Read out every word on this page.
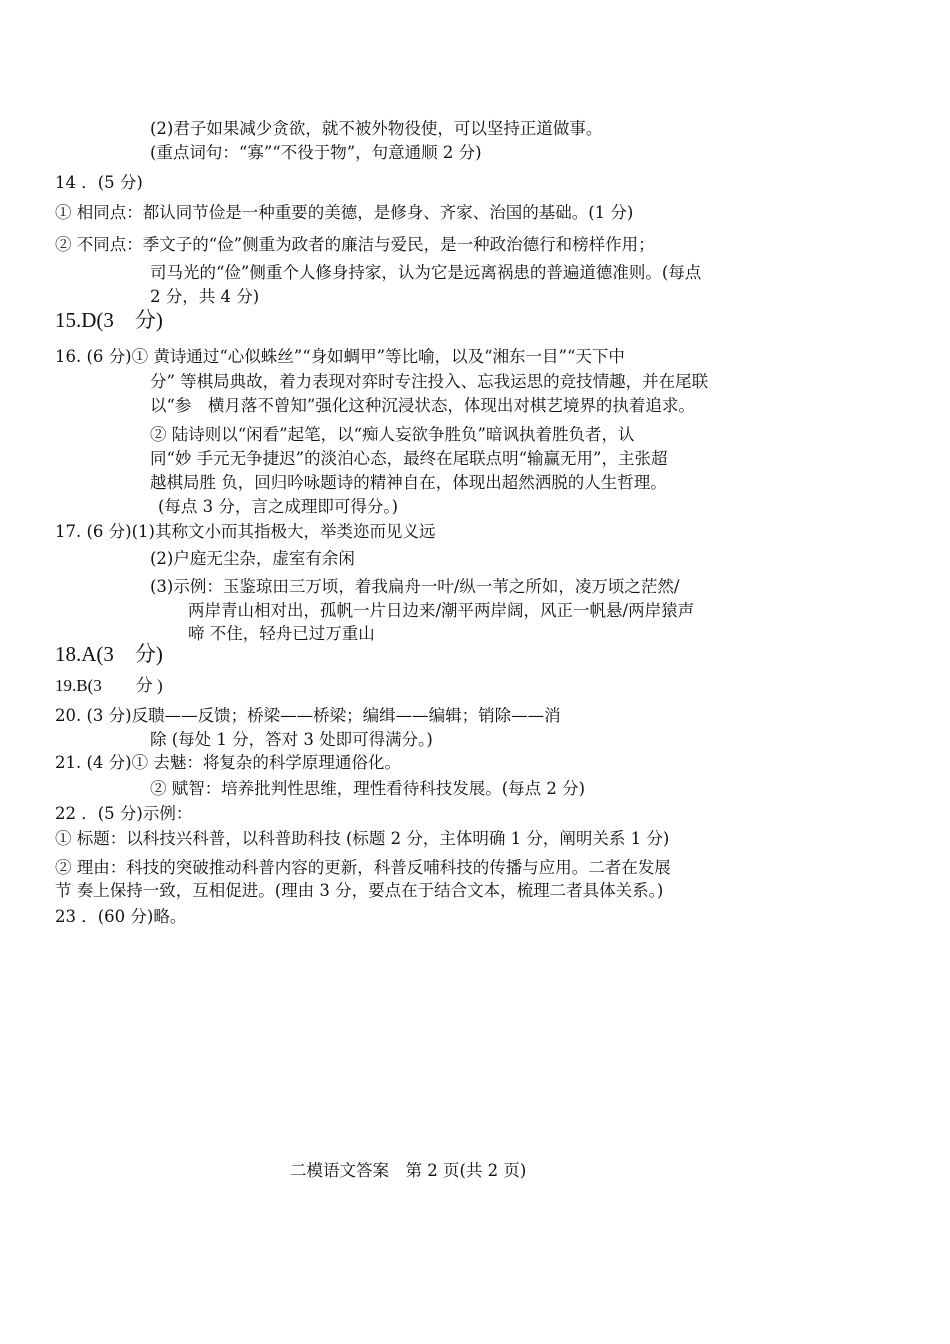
(2)君子如果减少贪欲，就不被外物役使，可以坚持正道做事。
(重点词句：“寡”“不役于物”，句意通顺 2 分)
14 ．(5 分)
① 相同点：都认同节俭是一种重要的美德，是修身、齐家、治国的基础。(1 分)
② 不同点：季文子的“俭”侧重为政者的廉洁与爱民，是一种政治德行和榜样作用；
司马光的“俭”侧重个人修身持家，认为它是远离祸患的普遍道德准则。(每点
2 分，共 4 分)
15.D(3　分)
16. (6 分)① 黄诗通过“心似蛛丝”“身如蜩甲”等比喻，以及“湘东一目”“天下中
分” 等棋局典故，着力表现对弈时专注投入、忘我运思的竞技情趣，并在尾联
以“参　横月落不曾知”强化这种沉浸状态，体现出对棋艺境界的执着追求。
② 陆诗则以“闲看”起笔，以“痴人妄欲争胜负”暗讽执着胜负者，认
同“妙 手元无争捷迟”的淡泊心态，最终在尾联点明“输赢无用”，主张超
越棋局胜 负，回归吟咏题诗的精神自在，体现出超然洒脱的人生哲理。
(每点 3 分，言之成理即可得分。)
17. (6 分)(1)其称文小而其指极大，举类迩而见义远
(2)户庭无尘杂，虚室有余闲
(3)示例：玉鉴琼田三万顷，着我扁舟一叶/纵一苇之所如，凌万顷之茫然/
两岸青山相对出，孤帆一片日边来/潮平两岸阔，风正一帆悬/两岸猿声
啼 不住，轻舟已过万重山
18.A(3　分)
19.B(3　　分 )
20. (3 分)反聩——反馈；桥梁——桥梁；编缉——编辑；销除——消
除 (每处 1 分，答对 3 处即可得满分。)
21. (4 分)① 去魅：将复杂的科学原理通俗化。
② 赋智：培养批判性思维，理性看待科技发展。(每点 2 分)
22 ．(5 分)示例：
① 标题：以科技兴科普，以科普助科技 (标题 2 分，主体明确 1 分，阐明关系 1 分)
② 理由：科技的突破推动科普内容的更新，科普反哺科技的传播与应用。二者在发展
节 奏上保持一致，互相促进。(理由 3 分，要点在于结合文本，梳理二者具体关系。)
23 ．(60 分)略。
二模语文答案　第 2 页(共 2 页)
